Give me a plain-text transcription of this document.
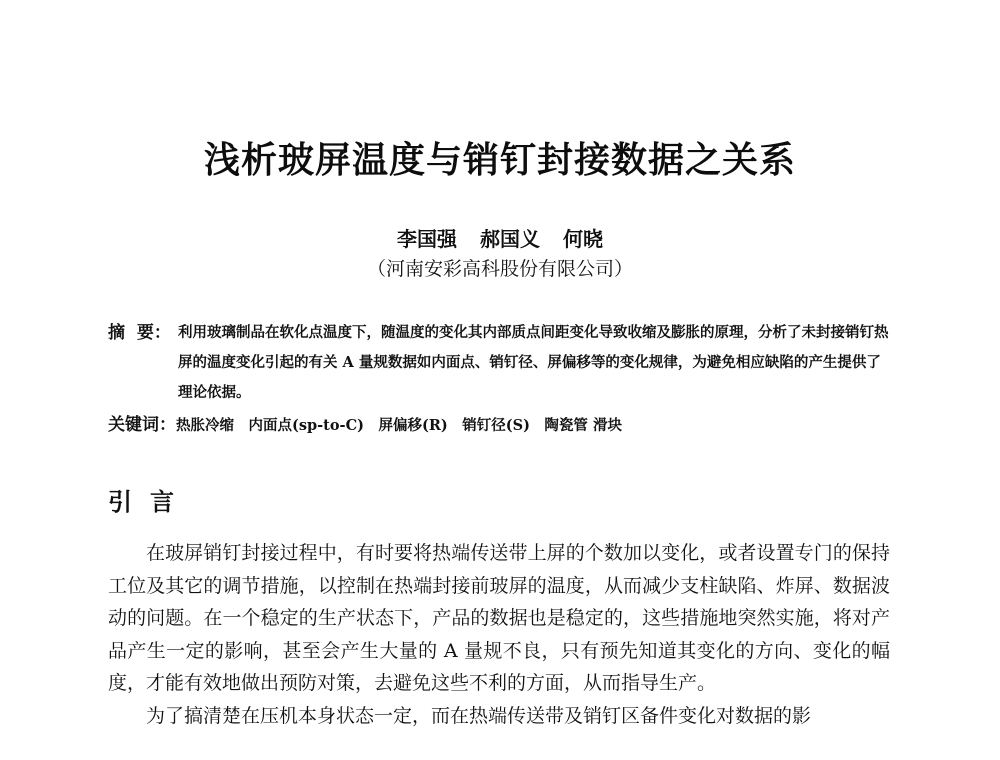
浅析玻屏温度与销钉封接数据之关系
李国强 郝国义 何晓
（河南安彩高科股份有限公司）
摘  要： 利用玻璃制品在软化点温度下，随温度的变化其内部质点间距变化导致收缩及膨胀的原理，分析了未封接销钉热屏的温度变化引起的有关 A 量规数据如内面点、销钉径、屏偏移等的变化规律，为避免相应缺陷的产生提供了理论依据。
关键词：热胀冷缩　内面点(sp-to-C)　屏偏移(R)　销钉径(S)　陶瓷管 滑块
引言

在玻屏销钉封接过程中，有时要将热端传送带上屏的个数加以变化，或者设置专门的保持工位及其它的调节措施，以控制在热端封接前玻屏的温度，从而减少支柱缺陷、炸屏、数据波动的问题。在一个稳定的生产状态下，产品的数据也是稳定的，这些措施地突然实施，将对产品产生一定的影响，甚至会产生大量的 A 量规不良，只有预先知道其变化的方向、变化的幅度，才能有效地做出预防对策，去避免这些不利的方面，从而指导生产。

为了搞清楚在压机本身状态一定，而在热端传送带及销钉区备件变化对数据的影
